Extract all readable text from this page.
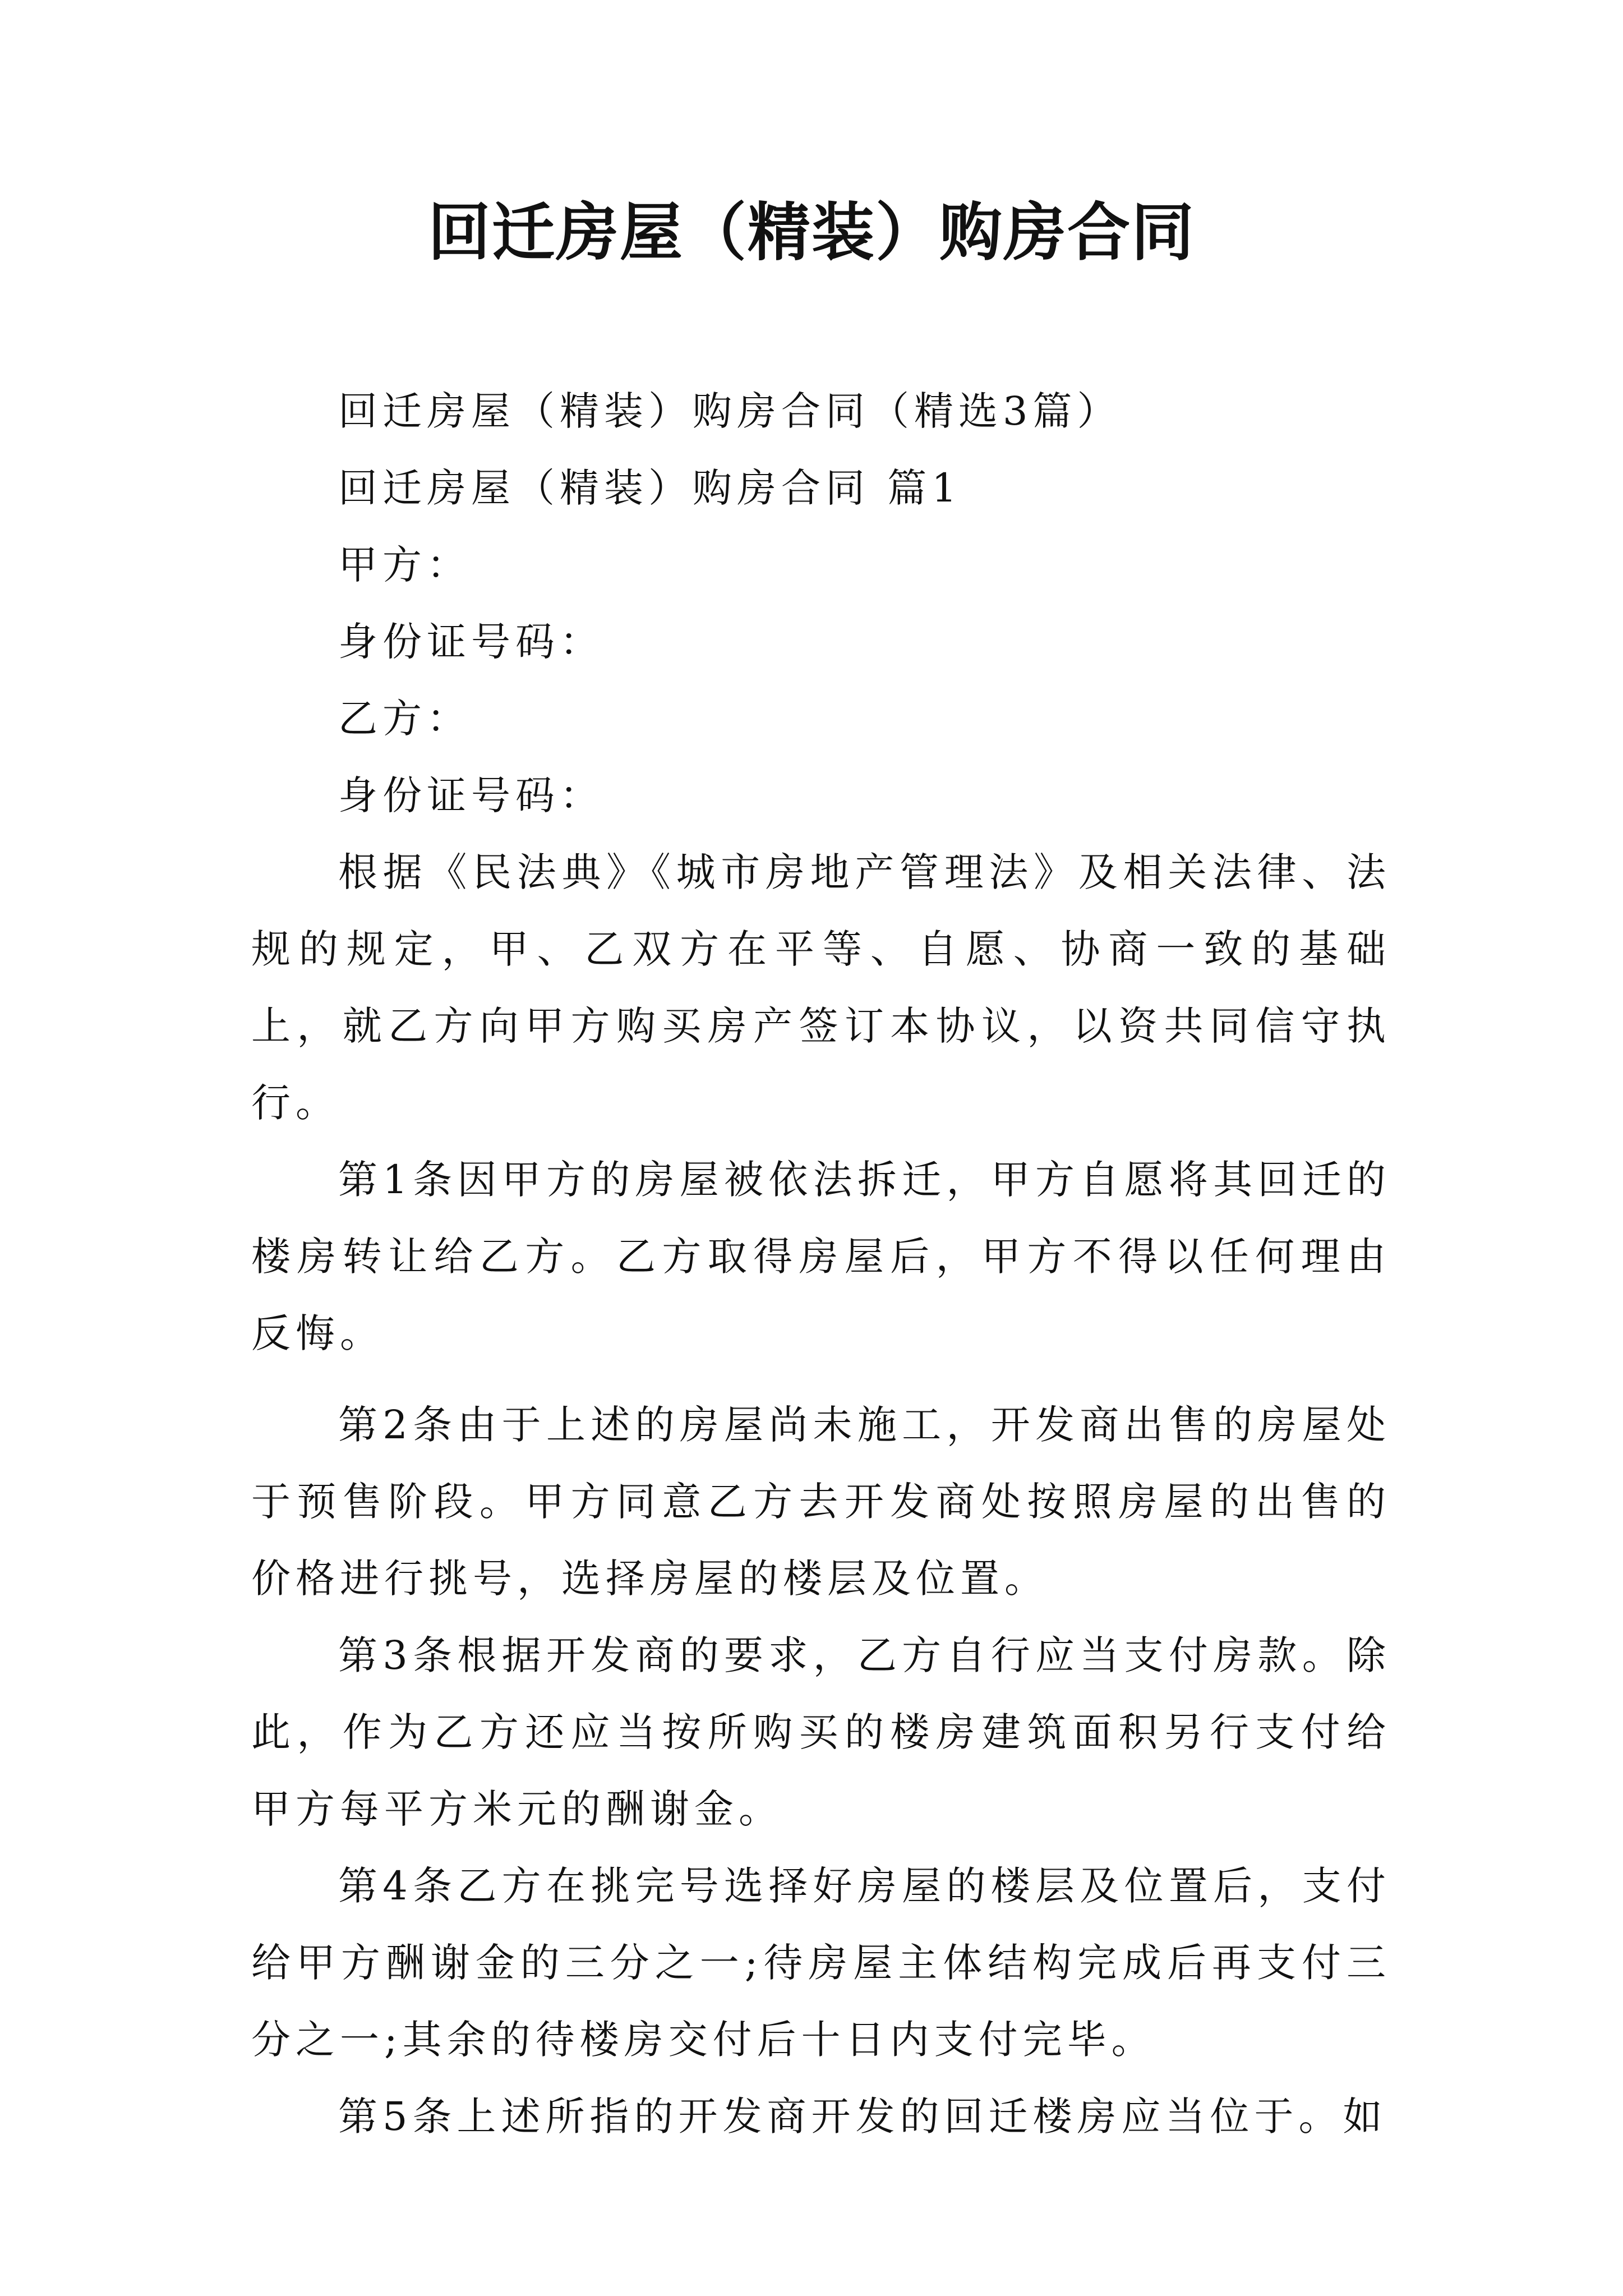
回迁房屋（精装）购房合同

回迁房屋（精装）购房合同（精选3篇）

回迁房屋（精装）购房合同 篇1

甲方：

身份证号码：

乙方：

身份证号码：

根据《民法典》《城市房地产管理法》及相关法律、法规的规定，甲、乙双方在平等、自愿、协商一致的基础上，就乙方向甲方购买房产签订本协议，以资共同信守执行。

第1条因甲方的房屋被依法拆迁，甲方自愿将其回迁的楼房转让给乙方。乙方取得房屋后，甲方不得以任何理由反悔。

第2条由于上述的房屋尚未施工，开发商出售的房屋处于预售阶段。甲方同意乙方去开发商处按照房屋的出售的价格进行挑号，选择房屋的楼层及位置。

第3条根据开发商的要求，乙方自行应当支付房款。除此，作为乙方还应当按所购买的楼房建筑面积另行支付给甲方每平方米元的酬谢金。

第4条乙方在挑完号选择好房屋的楼层及位置后，支付给甲方酬谢金的三分之一;待房屋主体结构完成后再支付三分之一;其余的待楼房交付后十日内支付完毕。

第5条上述所指的开发商开发的回迁楼房应当位于。如
